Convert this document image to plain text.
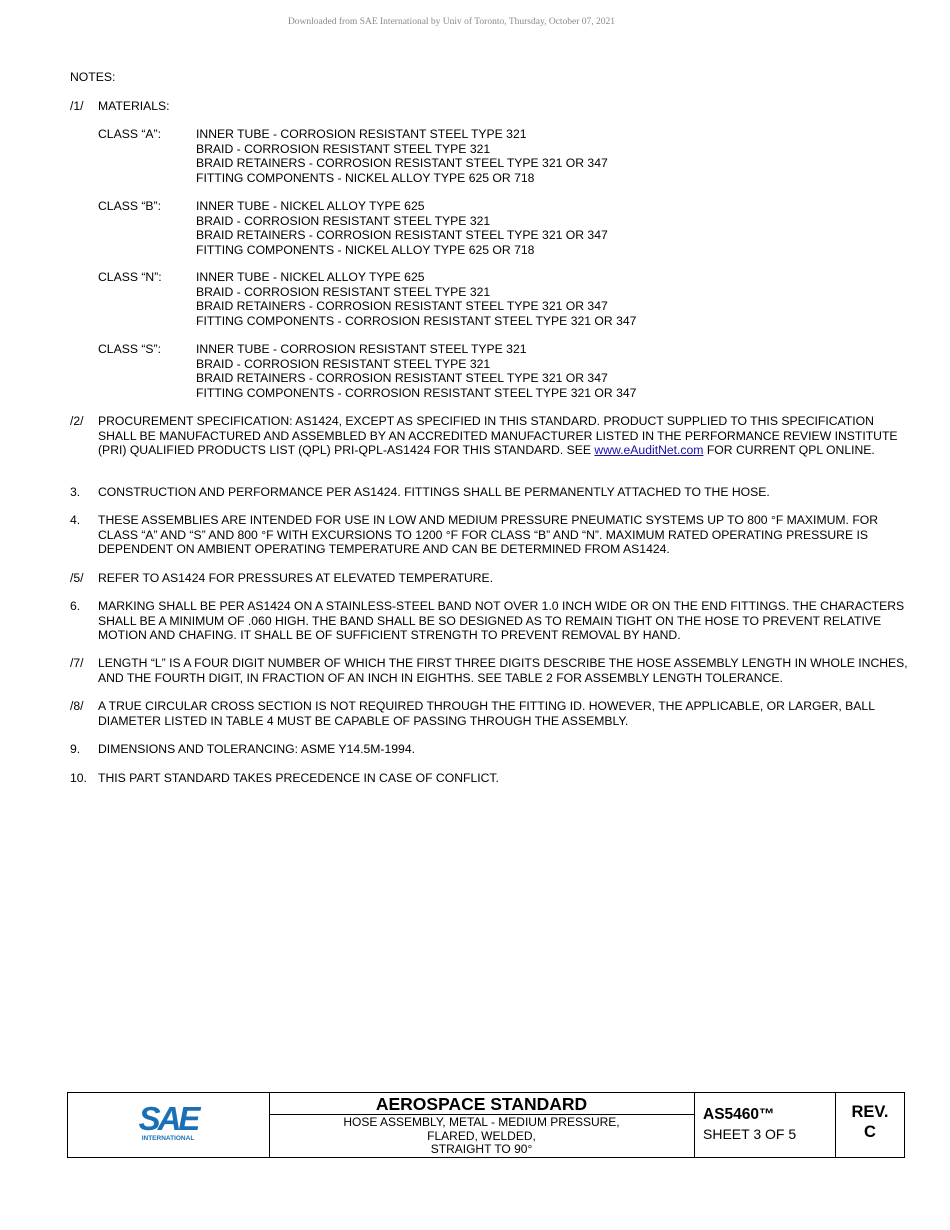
Downloaded from SAE International by Univ of Toronto, Thursday, October 07, 2021
NOTES:
/1/ MATERIALS:
CLASS “A”:	INNER TUBE - CORROSION RESISTANT STEEL TYPE 321
BRAID - CORROSION RESISTANT STEEL TYPE 321
BRAID RETAINERS - CORROSION RESISTANT STEEL TYPE 321 OR 347
FITTING COMPONENTS - NICKEL ALLOY TYPE 625 OR 718
CLASS “B”:	INNER TUBE - NICKEL ALLOY TYPE 625
BRAID - CORROSION RESISTANT STEEL TYPE 321
BRAID RETAINERS - CORROSION RESISTANT STEEL TYPE 321 OR 347
FITTING COMPONENTS - NICKEL ALLOY TYPE 625 OR 718
CLASS “N”:	INNER TUBE - NICKEL ALLOY TYPE 625
BRAID - CORROSION RESISTANT STEEL TYPE 321
BRAID RETAINERS - CORROSION RESISTANT STEEL TYPE 321 OR 347
FITTING COMPONENTS - CORROSION RESISTANT STEEL TYPE 321 OR 347
CLASS “S”:	INNER TUBE - CORROSION RESISTANT STEEL TYPE 321
BRAID - CORROSION RESISTANT STEEL TYPE 321
BRAID RETAINERS - CORROSION RESISTANT STEEL TYPE 321 OR 347
FITTING COMPONENTS - CORROSION RESISTANT STEEL TYPE 321 OR 347
/2/ PROCUREMENT SPECIFICATION: AS1424, EXCEPT AS SPECIFIED IN THIS STANDARD. PRODUCT SUPPLIED TO THIS SPECIFICATION SHALL BE MANUFACTURED AND ASSEMBLED BY AN ACCREDITED MANUFACTURER LISTED IN THE PERFORMANCE REVIEW INSTITUTE (PRI) QUALIFIED PRODUCTS LIST (QPL) PRI-QPL-AS1424 FOR THIS STANDARD. SEE www.eAuditNet.com FOR CURRENT QPL ONLINE.
3. CONSTRUCTION AND PERFORMANCE PER AS1424. FITTINGS SHALL BE PERMANENTLY ATTACHED TO THE HOSE.
4. THESE ASSEMBLIES ARE INTENDED FOR USE IN LOW AND MEDIUM PRESSURE PNEUMATIC SYSTEMS UP TO 800 °F MAXIMUM. FOR CLASS “A” AND “S” AND 800 °F WITH EXCURSIONS TO 1200 °F FOR CLASS “B” AND “N”. MAXIMUM RATED OPERATING PRESSURE IS DEPENDENT ON AMBIENT OPERATING TEMPERATURE AND CAN BE DETERMINED FROM AS1424.
/5/ REFER TO AS1424 FOR PRESSURES AT ELEVATED TEMPERATURE.
6. MARKING SHALL BE PER AS1424 ON A STAINLESS-STEEL BAND NOT OVER 1.0 INCH WIDE OR ON THE END FITTINGS. THE CHARACTERS SHALL BE A MINIMUM OF .060 HIGH. THE BAND SHALL BE SO DESIGNED AS TO REMAIN TIGHT ON THE HOSE TO PREVENT RELATIVE MOTION AND CHAFING. IT SHALL BE OF SUFFICIENT STRENGTH TO PREVENT REMOVAL BY HAND.
/7/ LENGTH “L” IS A FOUR DIGIT NUMBER OF WHICH THE FIRST THREE DIGITS DESCRIBE THE HOSE ASSEMBLY LENGTH IN WHOLE INCHES, AND THE FOURTH DIGIT, IN FRACTION OF AN INCH IN EIGHTHS. SEE TABLE 2 FOR ASSEMBLY LENGTH TOLERANCE.
/8/ A TRUE CIRCULAR CROSS SECTION IS NOT REQUIRED THROUGH THE FITTING ID. HOWEVER, THE APPLICABLE, OR LARGER, BALL DIAMETER LISTED IN TABLE 4 MUST BE CAPABLE OF PASSING THROUGH THE ASSEMBLY.
9. DIMENSIONS AND TOLERANCING: ASME Y14.5M-1994.
10. THIS PART STANDARD TAKES PRECEDENCE IN CASE OF CONFLICT.
SAE
INTERNATIONAL
AEROSPACE STANDARD
HOSE ASSEMBLY, METAL - MEDIUM PRESSURE,
FLARED, WELDED,
STRAIGHT TO 90°
AS5460™
SHEET 3 OF 5
REV.
C
